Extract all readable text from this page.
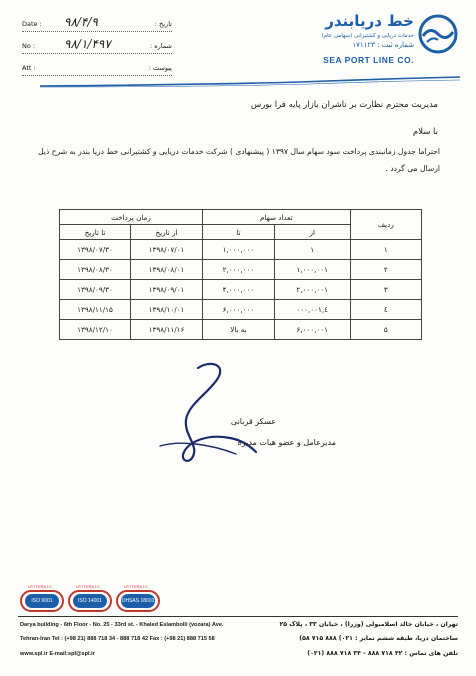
Date : ۹۸/۴/۹	تاریخ :
No : ۹۸/۱/۴۹۷	شماره :
Att :	پیوست :
خط دریابندر
خدمات دریایی و کشتیرانی (سهامی عام)
شماره ثبت : ۱۷۱۱۲۳
SEA PORT LINE CO.
مدیریت محترم نظارت بر ناشران بازار پایه فرا بورس
با سلام
احتراما جدول زمانبندی پرداخت سود سهام سال ۱۳۹۷ ( پیشنهادی ) شرکت خدمات دریایی و کشتیرانی خط دریا بندر به شرح ذیل ارسال می گردد .
ردیف	تعداد سهام		زمان پرداخت	
	از	تا	از تاریخ	تا تاریخ
۱	۱	۱,۰۰۰,۰۰۰	۱۳۹۸/۰۷/۰۱	۱۳۹۸/۰۷/۳۰
۲	۱,۰۰۰,۰۰۱	۲,۰۰۰,۰۰۰	۱۳۹۸/۰۸/۰۱	۱۳۹۸/۰۸/۳۰
۳	۲,۰۰۰,۰۰۱	۴,۰۰۰,۰۰۰	۱۳۹۸/۰۹/۰۱	۱۳۹۸/۰۹/۳۰
٤	٤,۰۰۰,۰۰۱	۶,۰۰۰,۰۰۰	۱۳۹۸/۱۰/۰۱	۱۳۹۸/۱۱/۱۵
۵	۶,۰۰۰,۰۰۱	به بالا	۱۳۹۸/۱۱/۱۶	۱۳۹۸/۱۲/۱۰
عسکر قربانی
مدیرعامل و عضو هیات مدیره
LETTERA I.C.
ISO 9001
LETTERA I.C.
ISO 14001
LETTERA I.C.
OHSAS 18001
Darya building - 6th Floor - No. 25 - 33rd st. - Khaled Eslambolli (vozara) Ave.
Tehran-Iran Tel : (+98 21) 888 718 34 - 888 718 42 Fax : (+98 21) 888 715 58
www.spl.ir E-mail:spl@spl.ir
تهران ، خیابان خالد اسلامبولی (وزرا) ، خیابان ۳۳ ، پلاک ۲۵
ساختمان دریا، طبقه ششم نمابر : ۰۲۱) ۸۸۸ ۷۱۵ ۵۸)
تلفن های تماس : ۴۲ ۷۱۸ ۸۸۸ - ۳۴ ۷۱۸ ۸۸۸ (۰۲۱)
